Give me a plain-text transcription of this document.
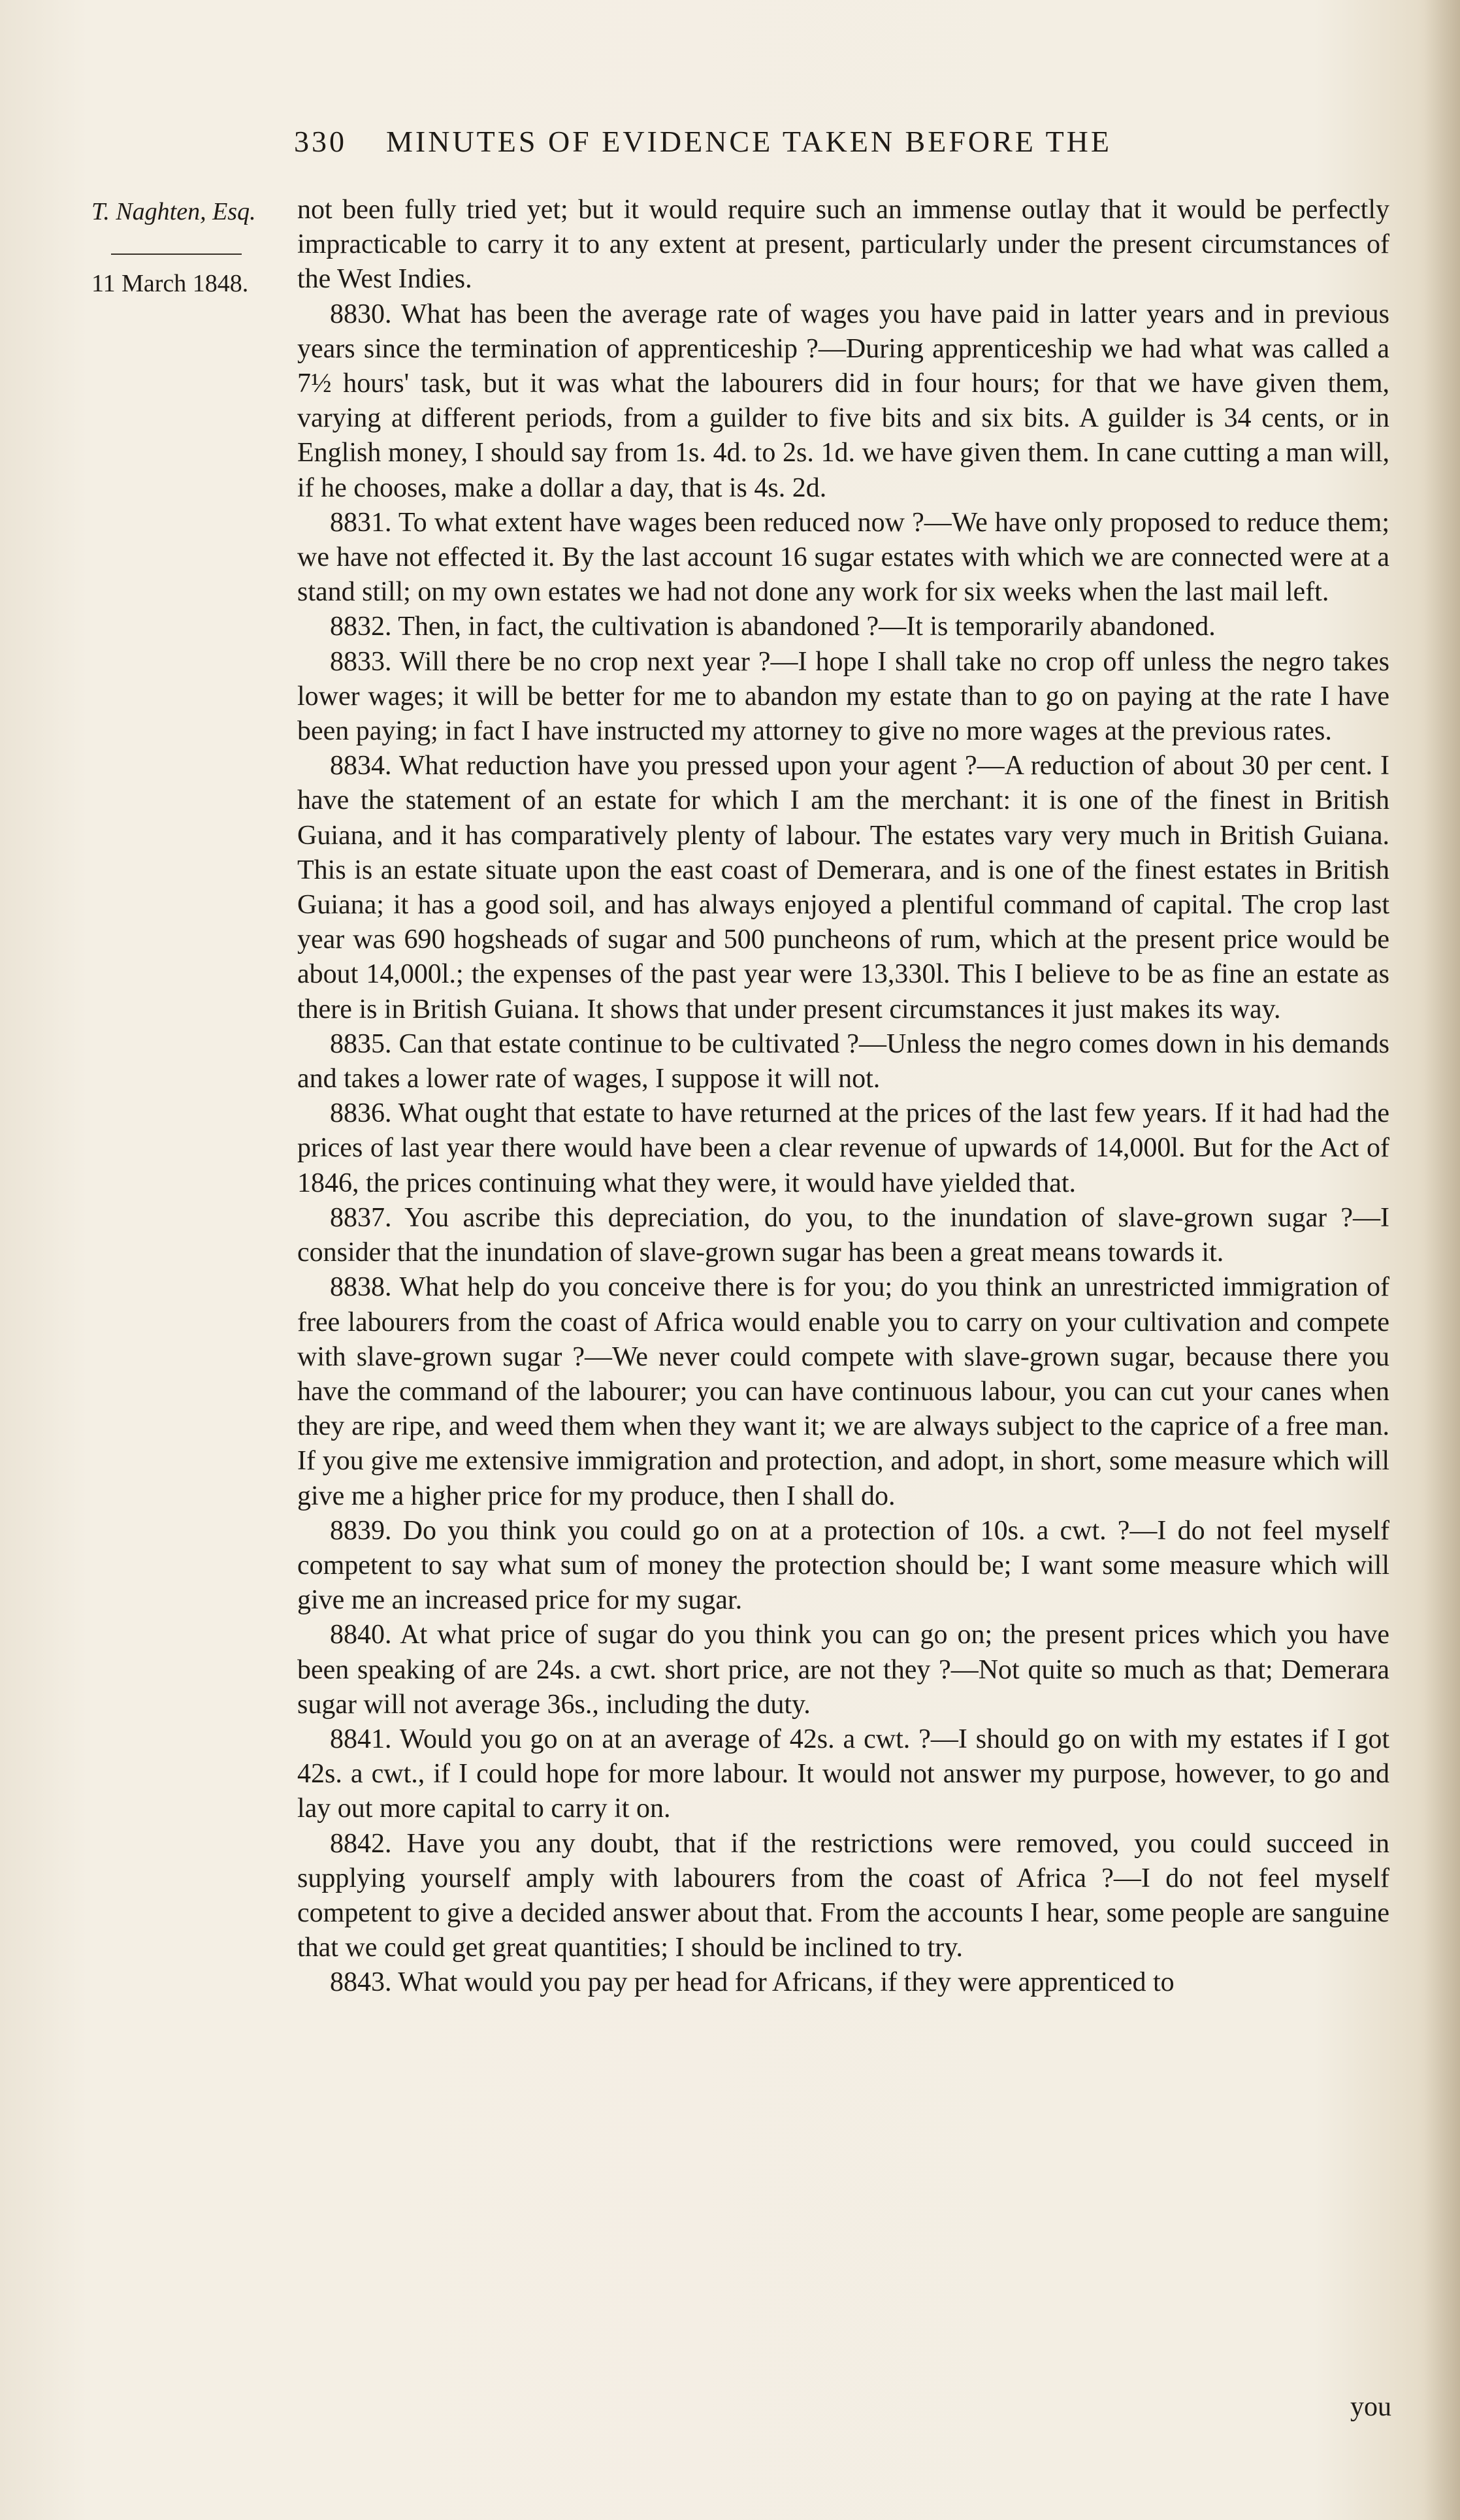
330 MINUTES OF EVIDENCE TAKEN BEFORE THE
T. Naghten, Esq.
11 March 1848.

not been fully tried yet; but it would require such an immense outlay that it would be perfectly impracticable to carry it to any extent at present, particularly under the present circumstances of the West Indies.

8830. What has been the average rate of wages you have paid in latter years and in previous years since the termination of apprenticeship ?—During apprenticeship we had what was called a 7½ hours' task, but it was what the labourers did in four hours; for that we have given them, varying at different periods, from a guilder to five bits and six bits. A guilder is 34 cents, or in English money, I should say from 1s. 4d. to 2s. 1d. we have given them. In cane cutting a man will, if he chooses, make a dollar a day, that is 4s. 2d.

8831. To what extent have wages been reduced now ?—We have only proposed to reduce them; we have not effected it. By the last account 16 sugar estates with which we are connected were at a stand still; on my own estates we had not done any work for six weeks when the last mail left.

8832. Then, in fact, the cultivation is abandoned ?—It is temporarily abandoned.

8833. Will there be no crop next year ?—I hope I shall take no crop off unless the negro takes lower wages; it will be better for me to abandon my estate than to go on paying at the rate I have been paying; in fact I have instructed my attorney to give no more wages at the previous rates.

8834. What reduction have you pressed upon your agent ?—A reduction of about 30 per cent. I have the statement of an estate for which I am the merchant: it is one of the finest in British Guiana, and it has comparatively plenty of labour. The estates vary very much in British Guiana. This is an estate situate upon the east coast of Demerara, and is one of the finest estates in British Guiana; it has a good soil, and has always enjoyed a plentiful command of capital. The crop last year was 690 hogsheads of sugar and 500 puncheons of rum, which at the present price would be about 14,000l.; the expenses of the past year were 13,330l. This I believe to be as fine an estate as there is in British Guiana. It shows that under present circumstances it just makes its way.

8835. Can that estate continue to be cultivated ?—Unless the negro comes down in his demands and takes a lower rate of wages, I suppose it will not.

8836. What ought that estate to have returned at the prices of the last few years. If it had had the prices of last year there would have been a clear revenue of upwards of 14,000l. But for the Act of 1846, the prices continuing what they were, it would have yielded that.

8837. You ascribe this depreciation, do you, to the inundation of slave-grown sugar ?—I consider that the inundation of slave-grown sugar has been a great means towards it.

8838. What help do you conceive there is for you; do you think an unrestricted immigration of free labourers from the coast of Africa would enable you to carry on your cultivation and compete with slave-grown sugar ?—We never could compete with slave-grown sugar, because there you have the command of the labourer; you can have continuous labour, you can cut your canes when they are ripe, and weed them when they want it; we are always subject to the caprice of a free man. If you give me extensive immigration and protection, and adopt, in short, some measure which will give me a higher price for my produce, then I shall do.

8839. Do you think you could go on at a protection of 10s. a cwt. ?—I do not feel myself competent to say what sum of money the protection should be; I want some measure which will give me an increased price for my sugar.

8840. At what price of sugar do you think you can go on; the present prices which you have been speaking of are 24s. a cwt. short price, are not they ?—Not quite so much as that; Demerara sugar will not average 36s., including the duty.

8841. Would you go on at an average of 42s. a cwt. ?—I should go on with my estates if I got 42s. a cwt., if I could hope for more labour. It would not answer my purpose, however, to go and lay out more capital to carry it on.

8842. Have you any doubt, that if the restrictions were removed, you could succeed in supplying yourself amply with labourers from the coast of Africa ?—I do not feel myself competent to give a decided answer about that. From the accounts I hear, some people are sanguine that we could get great quantities; I should be inclined to try.

8843. What would you pay per head for Africans, if they were apprenticed to

you
